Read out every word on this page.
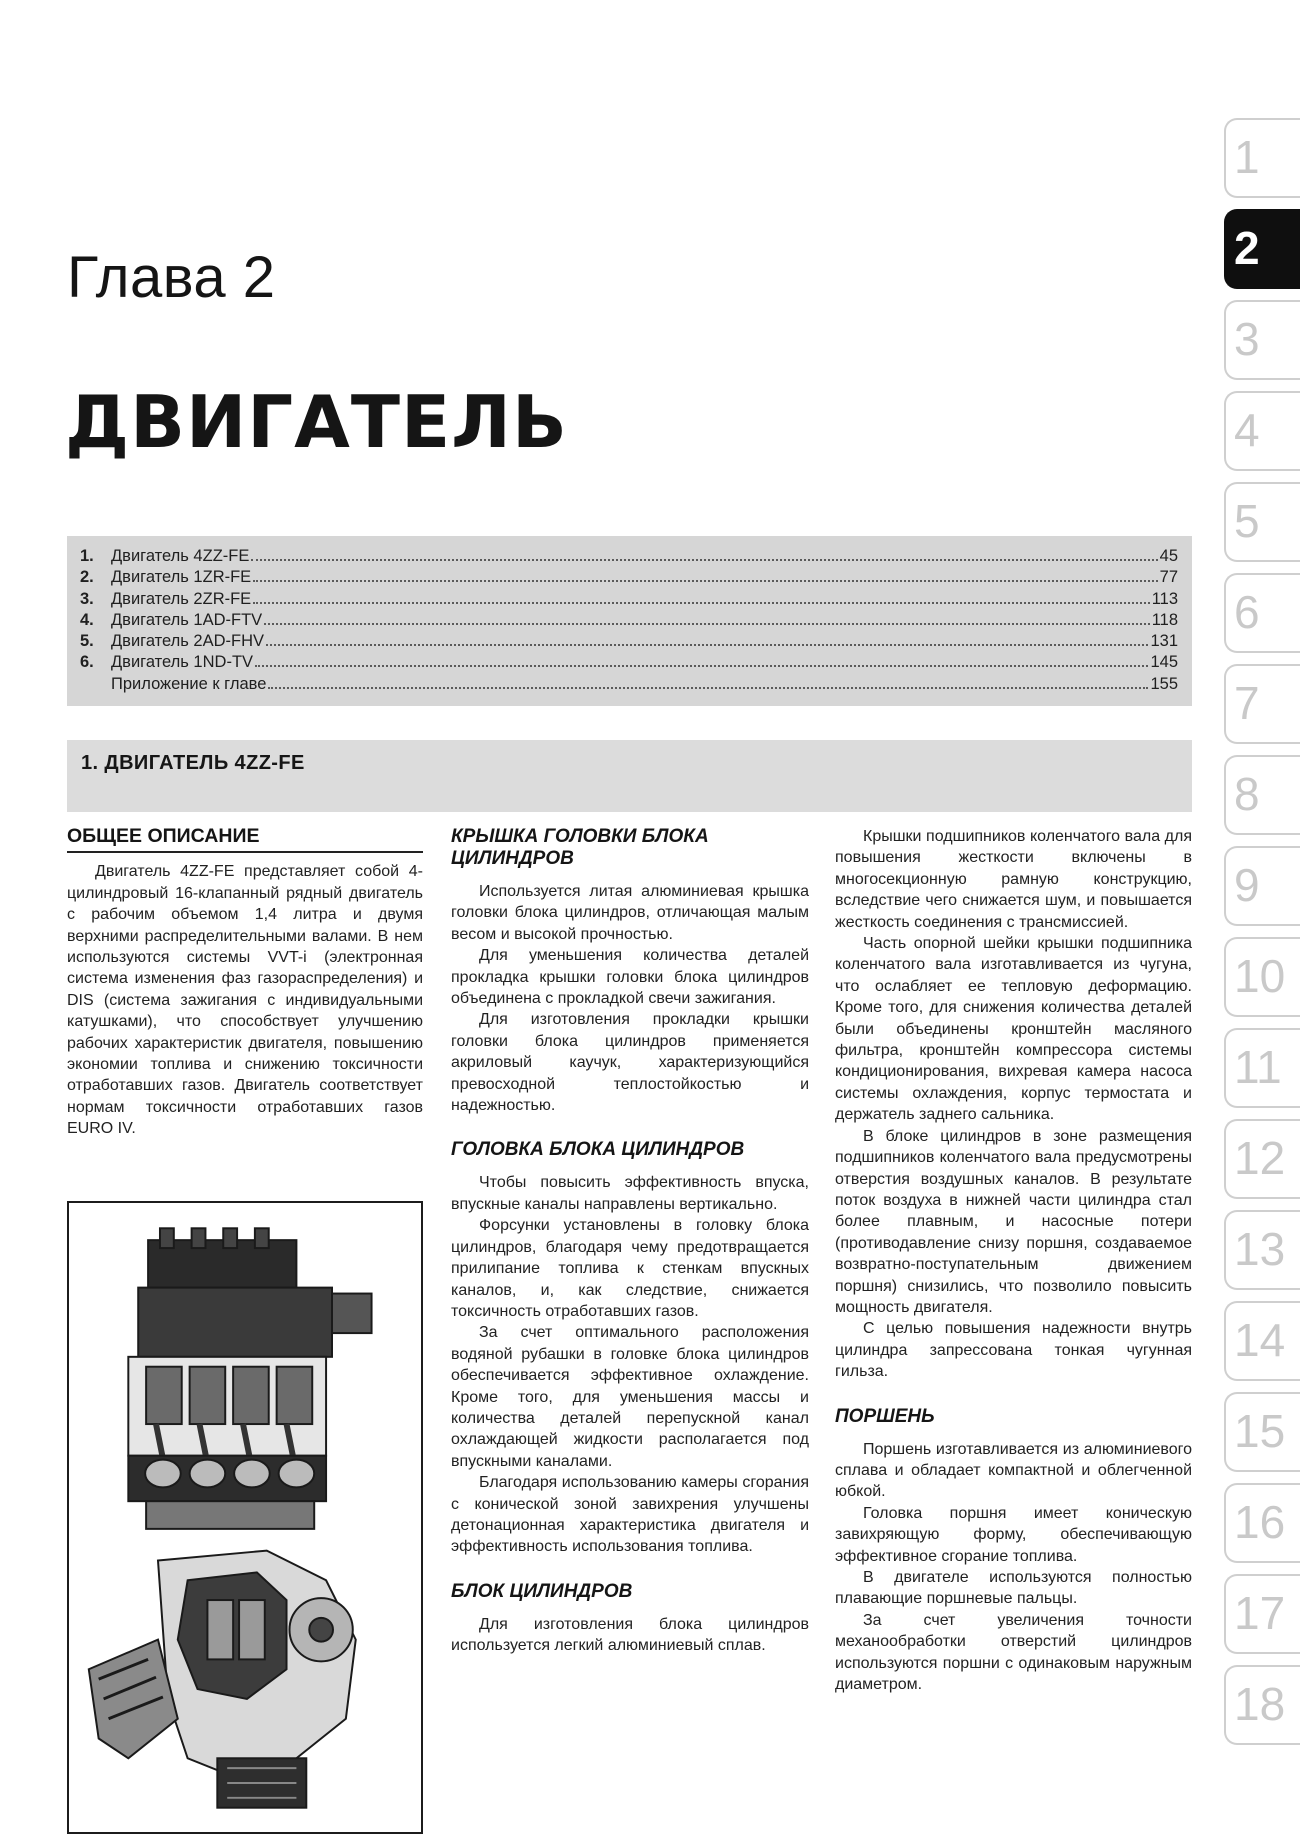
Глава 2
ДВИГАТЕЛЬ
1.	Двигатель 4ZZ-FE	45
2.	Двигатель 1ZR-FE	77
3.	Двигатель 2ZR-FE	113
4.	Двигатель 1AD-FTV	118
5.	Двигатель 2AD-FHV	131
6.	Двигатель 1ND-TV	145
Приложение к главе	155
1. ДВИГАТЕЛЬ 4ZZ-FE
ОБЩЕЕ ОПИСАНИЕ

Двигатель 4ZZ-FE представляет собой 4-цилиндровый 16-клапанный рядный двигатель с рабочим объемом 1,4 литра и двумя верхними распределительными валами. В нем используются системы VVT-i (электронная система изменения фаз газораспределения) и DIS (система зажигания с индивидуальными катушками), что способствует улучшению рабочих характеристик двигателя, повышению экономии топлива и снижению токсичности отработавших газов. Двигатель соответствует нормам токсичности отработавших газов EURO IV.

КРЫШКА ГОЛОВКИ БЛОКА ЦИЛИНДРОВ

Используется литая алюминиевая крышка головки блока цилиндров, отличающая малым весом и высокой прочностью.

Для уменьшения количества деталей прокладка крышки головки блока цилиндров объединена с прокладкой свечи зажигания.

Для изготовления прокладки крышки головки блока цилиндров применяется акриловый каучук, характеризующийся превосходной теплостойкостью и надежностью.

ГОЛОВКА БЛОКА ЦИЛИНДРОВ

Чтобы повысить эффективность впуска, впускные каналы направлены вертикально.

Форсунки установлены в головку блока цилиндров, благодаря чему предотвращается прилипание топлива к стенкам впускных каналов, и, как следствие, снижается токсичность отработавших газов.

За счет оптимального расположения водяной рубашки в головке блока цилиндров обеспечивается эффективное охлаждение. Кроме того, для уменьшения массы и количества деталей перепускной канал охлаждающей жидкости располагается под впускными каналами.

Благодаря использованию камеры сгорания с конической зоной завихрения улучшены детонационная характеристика двигателя и эффективность использования топлива.

БЛОК ЦИЛИНДРОВ

Для изготовления блока цилиндров используется легкий алюминиевый сплав.

Крышки подшипников коленчатого вала для повышения жесткости включены в многосекционную рамную конструкцию, вследствие чего снижается шум, и повышается жесткость соединения с трансмиссией.

Часть опорной шейки крышки подшипника коленчатого вала изготавливается из чугуна, что ослабляет ее тепловую деформацию. Кроме того, для снижения количества деталей были объединены кронштейн масляного фильтра, кронштейн компрессора системы кондиционирования, вихревая камера насоса системы охлаждения, корпус термостата и держатель заднего сальника.

В блоке цилиндров в зоне размещения подшипников коленчатого вала предусмотрены отверстия воздушных каналов. В результате поток воздуха в нижней части цилиндра стал более плавным, и насосные потери (противодавление снизу поршня, создаваемое возвратно-поступательным движением поршня) снизились, что позволило повысить мощность двигателя.

С целью повышения надежности внутрь цилиндра запрессована тонкая чугунная гильза.

ПОРШЕНЬ

Поршень изготавливается из алюминиевого сплава и обладает компактной и облегченной юбкой.

Головка поршня имеет коническую завихряющую форму, обеспечивающую эффективное сгорание топлива.

В двигателе используются полностью плавающие поршневые пальцы.

За счет увеличения точности механообработки отверстий цилиндров используются поршни с одинаковым наружным диаметром.

1
2
3
4
5
6
7
8
9
10
11
12
13
14
15
16
17
18
